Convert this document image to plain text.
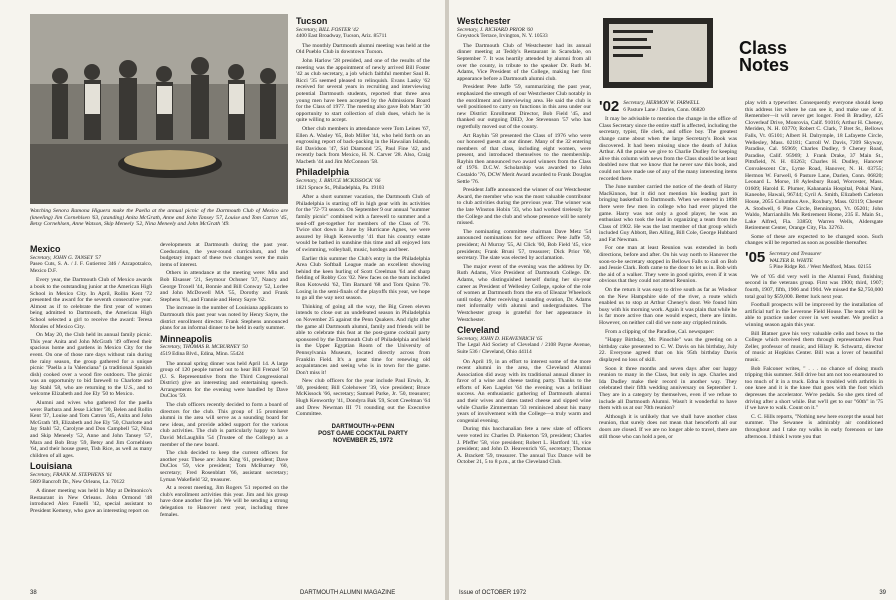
Watching Senora Ramona Higuera make the Paella at the annual picnic of the Dartmouth Club of Mexico are (kneeling) Jim Cornehlsen '63, (standing) Anita McGrath, Anne and John Tansey '57, Louise and Tom Catron '45, Betsy Cornehlsen, Anne Watson, Skip Meneely '52, Nina Meneely and John McGrath '49.
Mexico
Secretary, JOHN G. TANSEY '57
Paseo Cuts, S. A. / J. F. Gutierrez 346 / Azcapotzalco, Mexico D.F.

Every year, the Dartmouth Club of Mexico awards a book to the outstanding junior at the American High School in Mexico City. In April, Rollin Kent '72 presented the award for the seventh consecutive year. Almost as if to celebrate the first year of women being admitted to Dartmouth, the American High School selected a girl to receive the award: Teresa Morales of Mexico City.

On May 20, the Club held its annual family picnic. This year Anita and John McGrath '49 offered their spacious home and gardens in Mexico City for the event. On one of those rare days without rain during the rainy season, the group gathered for a unique picnic "Paella a la Valenciana" (a traditional Spanish dish) cooked over a wood fire outdoors. The picnic was an opportunity to bid farewell to Charlotte and Jay Stahl '58, who are returning to the U.S., and to welcome Elizabeth and Joe Ely '50 to Mexico.

Alumni and wives who gathered for the paella were: Barbara and Jesse Lichter '30, Belen and Rollin Kent '37, Louise and Tom Catron '45, Anita and John McGrath '49, Elizabeth and Joe Ely '50, Charlotte and Jay Stahl '52, Carolyne and Don Campbell '52, Nina and Skip Meneely '52, Anne and John Tansey '57, Mara and Bob Bray '59, Betsy and Jim Cornehlsen '64, and their house guest, Tish Rice, as well as many children of all ages.

Louisiana
Secretary, FRANK M. STEPHENS '61
5609 Bancroft Dr., New Orleans, La. 70122

A dinner meeting was held in May at Delmonico's Restaurant in New Orleans. John Ormond '48 introduced Alex Fanelli '42, special assistant to President Kemeny, who gave an interesting report on

developments at Dartmouth during the past year. Coeducation, the year-round curriculum, and the budgetary impact of these two changes were the main items of interest.

Others in attendance at the meeting were: Min and Bob Elsasser '21, Seymour Ochsner '37, Nancy and George Troxell '44, Bonnie and Bill Conway '52, Lorlee and John McDowell MA '55, Dorothy and Frank Stephens '61, and Frannie and Henry Sayre '62.

The increase in the number of Louisiana applicants to Dartmouth this past year was noted by Henry Sayre, the district enrollment director. Frank Stephens announced plans for an informal dinner to be held in early summer.

Minneapolis
Secretary, THOMAS B. MCBURNEY '50
4519 Edina Blvd., Edina, Minn. 55424

The annual spring dinner was held April 14. A large group of 120 people turned out to hear Bill Frenzel '50 (U. S. Representative from the Third Congressional District) give an interesting and entertaining speech. Arrangements for the evening were handled by Dave DuClos '59.

The club officers recently decided to form a board of directors for the club. This group of 15 prominent alumni in the area will serve as a sounding board for new ideas, and provide added support for the various club activities. The club is particularly happy to have David McLaughlin '54 (Trustee of the College) as a member of the new board.

The club decided to keep the current officers for another year. These are: John King '61, president; Dave DuClos '59, vice president; Tom McBurney '60, secretary; Fred Rosenblatt '66, assistant secretary; Lyman Wakefield '32, treasurer.

At a recent meeting, Jim Rogers '51 reported on the club's enrollment activities this year. Jim and his group have done another fine job. We will be sending a strong delegation to Hanover next year, including three females.

Tucson
Secretary, BILL FOSTER '42
4400 East Broadway, Tucson, Ariz. 85711

The monthly Dartmouth alumni meeting was held at the Old Pueblo Club in downtown Tucson.

John Harlow '28 presided, and one of the results of the meeting was the appointment of newly arrived Bill Foster '42 as club secretary, a job which faithful member Saul R. Ricci '35 seemed pleased to relinquish. Evans Lasky '62 received for several years in recruiting and interviewing potential Dartmouth students, reported that three area young men have been accepted by the Admissions Board for the Class of 1977. The meeting also gave Bob Marr '30 opportunity to start collection of club dues, which he is quite willing to accept.

Other club members in attendance were Tom Leines '67, Ellen A. Wasley '65, Bob Miller '44, who held forth on an engrossing report of back-packing in the Hawaiian Islands, Ed Davidson '47, Sid Diamond '25, Paul Fine '42, and recently back from Mexico, H. N. Carver '28. Also, Craig Macbeth '44 and Jim McConnon '58.

Philadelphia
Secretary, J. BRUCE MCKISSOCK '66
1821 Spruce St., Philadelphia, Pa. 19103

After a short summer vacation, the Dartmouth Club of Philadelphia is starting off in high gear with its activities for the '72-'73 season. On September 9 our annual "summer family picnic" combined with a farewell to summer and a send-off get-together for members of the Class of '76. Twice shot down in June by Hurricane Agnes, we were assured by Hugh Kenworthy '41 that his country estate would be bathed in sunshine this time and all enjoyed lots of swimming, volleyball, music, hotdogs and beer.

Earlier this summer the Club's entry in the Philadelphia Area Club Softball League made an excellent showing behind the keen hurling of Scott Creelman '64 and sharp fielding of Robby Cox '02. New faces on the team included Ron Kotowski '62, Tim Barnard '68 and Tom Quinn '70. Losing in the semi-finals of the playoffs this year, we hope to go all the way next season.

Thinking of going all the way, the Big Green eleven intends to close out an undefeated season in Philadelphia on November 25 against the Penn Quakers. And right after the game all Dartmouth alumni, family and friends will be able to celebrate this feat at the post-game cocktail party sponsored by the Dartmouth Club of Philadelphia and held in the Upper Egyptian Room of the University of Pennsylvania Museum, located directly across from Franklin Field. It's a great time for renewing old acquaintances and seeing who is in town for the game. Don't miss it!

New club officers for the year include Paul Erwin, Jr. '40, president; Bill Colehower '39, vice president; Bruce McKissock '66, secretary; Samuel Parke, Jr. '50, treasurer; Hugh Kenworthy '41, Dondyra Bak '59, Scott Creelman '64 and Drew Newman III '71 rounding out the Executive Committee.

DARTMOUTH-v-PENN
POST GAME COCKTAIL PARTY
NOVEMBER 25, 1972
38	DARTMOUTH ALUMNI MAGAZINE
Westchester
Secretary, J. RICHARD PRIOR '60
Greystock Terrace, Irvington, N. Y. 10533

The Dartmouth Club of Westchester had its annual dinner meeting at Teddy's Restaurant in Scarsdale, on September 7. It was heartily attended by alumni from all over the county, in tribute to the speaker Dr. Ruth M. Adams, Vice President of the College, making her first appearance before a Dartmouth alumni club.

President Pete Jaffe '59, summarizing the past year, emphasized the strength of our Westchester Club notably in the enrollment and interviewing area. He said the club is well positioned to carry on functions in this area under our new District Enrollment Director, Bob Field '45, and thanked our outgoing DED, Joe Stevenson '57 who has regretfully moved out of the county.

Art Rayhin '58 presented the Class of 1976 who were our honored guests at our dinner. Many of the 32 entering members of that class, including eight women, were present, and introduced themselves to the membership. Rayhin then announced two award winners from the Class of 1976. D.C.W. Scholarship was awarded to John Costaldo '76, DCW Merit Award awarded to Frank Douglas Settle '76.

President Jaffe announced the winner of our Westchester Award, the member who was the most valuable contributor to club activities during the previous year. The winner was the late Winston Hobin '33, who had worked tirelessly for the College and the club and whose presence will be sorely missed.

The nominating committee chairman Dave Metz '54 announced nominations for new officers: Pete Jaffe '59, president; Al Murray '55, Al Click '60, Bob Field '45, vice presidents; Frank Bruni '57, treasurer; Dick Prior '60, secretary. The slate was elected by acclamation.

The major event of the evening was the address by Dr. Ruth Adams, Vice President of Dartmouth College. Dr. Adams, who distinguished herself during her six-year career as President of Wellesley College, spoke of the role of women at Dartmouth from the era of Eleazar Wheelock until today. After receiving a standing ovation, Dr. Adams met informally with alumni and undergraduates. The Westchester group is grateful for her appearance in Westchester.

Cleveland
Secretary, JOHN D. HEAVENRICH '65
The Legal Aid Society of Cleveland / 2108 Payne Avenue, Suite 536 / Cleveland, Ohio 44114

On April 19, in an effort to interest some of the more recent alumni in the area, the Cleveland Alumni Association did away with its traditional annual dinner in favor of a wine and cheese tasting party. Thanks to the efforts of Ken Lagelot '64 the evening was a brilliant success. An enthusiastic gathering of Dartmouth alumni and their wives and dates tasted cheese and sipped wine while Charlie Zimmerman '33 reminisced about his many years of involvement with the College—a truly warm and congenial evening.

During this bacchanalian fete a new slate of officers were voted in: Charles D. Pinkerton '59, president; Charles J. Pfeffer '58, vice president; Robert L. Hartford '41, vice president; and John D. Heavenrich '65, secretary; Thomas A. Brackett '59, treasurer. The annual Tux Dance will be October 21, 5 to 8 p.m., at the Cleveland Club.

Class Notes
'02 Secretary, HERMON W. FARWELL
6 Pasture Lane / Darien, Conn. 06820

It may be advisable to mention the change in the office of Class Secretary since the entire staff is affected, including the secretary, typist, file clerk, and office boy. The greatest change came about when the large Secretary's Book was discovered. It had been missing since the death of Julius Arthur. All the praise we give to Charlie Dudley for keeping alive this column with news from the Class should be at least doubled now that we know that he never saw this book, and could not have made use of any of the many interesting items recorded there.

The June number carried the notice of the death of Harry MacKinnon, but it did not mention his leading part in bringing basketball to Dartmouth. When we entered in 1898 there were few men in college who had ever played the game. Harry was not only a good player, he was an enthusiast who took the lead in organizing a team from the Class of 1902. He was the last member of that group which included Guy Abbott, Ben Alling, Bill Cole, George Hubbard and Fat Newman.

For one man at least Reunion was extended in both directions, before and after. On his way north to Hanover the soon-to-be secretary stopped in Bellows Falls to call on Bob and Jessie Clark. Both came to the door to let us in. Bob with the aid of a walker. They were in good spirits, even if it was obvious that they could not attend Reunion.

On the return it was easy to drive south as far as Windsor on the New Hampshire side of the river, a route which enabled us to stop at Arthur Cheney's door. We found him busy with his morning work. Again it was plain that while he is far more active than one would expect, there are limits. However, on neither call did we note any crippled minds.

From a clipping of the Paradise, Cal. newspaper:

"Happy Birthday, Mr. Pinochle" was the greeting on a birthday cake presented to C. W. Davis on his birthday, July 22. Everyone agreed that on his 95th birthday Davis displayed no loss of skill.

Soon it three months and seven days after our happy reunion to many in the Class, but only in age. Charles and Ida Dudley make their record in another way. They celebrated their fifth wedding anniversary on September 1. They are in a category by themselves, even if we refuse to include all Dartmouth Alumni. Wasn't it wonderful to have them with us at our 70th reunion?

Although it is unlikely that we shall have another class reunion, that surely does not mean that henceforth all our doors are closed. If we are no longer able to travel, there are still those who can hold a pen, or

play with a typewriter. Consequently everyone should keep this address list where he can see it, and make use of it. Remember—it will never get longer. Fred B Bradley, 425 Cloverleaf Drive, Monrovia, Calif. 91016; Arthur H. Cheney, Meriden, N. H. 03770; Robert C. Clark, 7 Bret St., Bellows Falls, Vt. 05101; Albert H. Dalrymple, 18 Lafayette Circle, Wellesley, Mass. 02181; Carroll W. Davis, 7209 Skyway, Paradise, Cal. 95969; Charles Dudley, 9 Cheney Road, Paradise, Calif. 95969; J. Frank Drake, 37 Main St., Pittsfield, N. H. 03263; Charles H. Dudley, Hanover Convalescent Ctr., Lyme Road, Hanover, N. H. 03755; Hermon W. Farwell, 6 Pasture Lane, Darien, Conn. 06820; Leonard L. Morse, 18 Aylesbury Road, Worcester, Mass. 01609; Harold E. Plumer, Kahanania Hospital, Pohai Nani, Kaneohe, Hawaii, 96744; Cyril A. Smith, Elizabeth Carleton House, 2055 Columbus Ave., Roxbury, Mass. 02119; Chester A. Stodwell, 6 Pine Circle, Bennington, Vt. 05201; John Waldo, Marrianhills Ms Retirement Home, 235 E. Main St., Lake Alfred, Fla. 33850; Warren Wells, Aldersgate Retirement Center, Orange City, Fla. 32763.

Some of these are expected to be changed soon. Such changes will be reported as soon as possible thereafter.

'05 Secretary and Treasurer
WALTER B. WHITE
5 Pine Ridge Rd. / West Medford, Mass. 02155

We of '05 did very well in the Alumni Fund, finishing second in the veterans group. First was 1900; third, 1907; fourth, 1907, fifth, 1906 and 1904. We missed the $2,750,000 total goal by $59,000. Better luck next year.

Football prospects will be improved by the installation of artificial turf in the Leverone Field House. The team will be able to practice under cover in wet weather. We predict a winning season again this year.

Bill Blatner gave his very valuable cello and bows to the College which received them through representatives Paul Zeller, professor of music, and Hilary R. Schwartz, director of music at Hopkins Center. Bill was a lover of beautiful music.

Bob Falconer writes, " . . . no chance of doing much tripping this summer. Still drive but am not too enamoured to too much of it in a truck. Edna is troubled with arthritis in one knee and it is the knee that goes with the foot which depresses the accelerator. We're pedals. So she gets tired of driving after a short while. But we'll get to our "60th" in '75 if we have to walk. Count on it."

C. C. Hills reports, "Nothing new here except the usual hot summer. The Sewanee is admirably air conditioned throughout and I take my walks in early forenoon or late afternoon. I think I wrote you that

Issue of OCTOBER 1972	39
